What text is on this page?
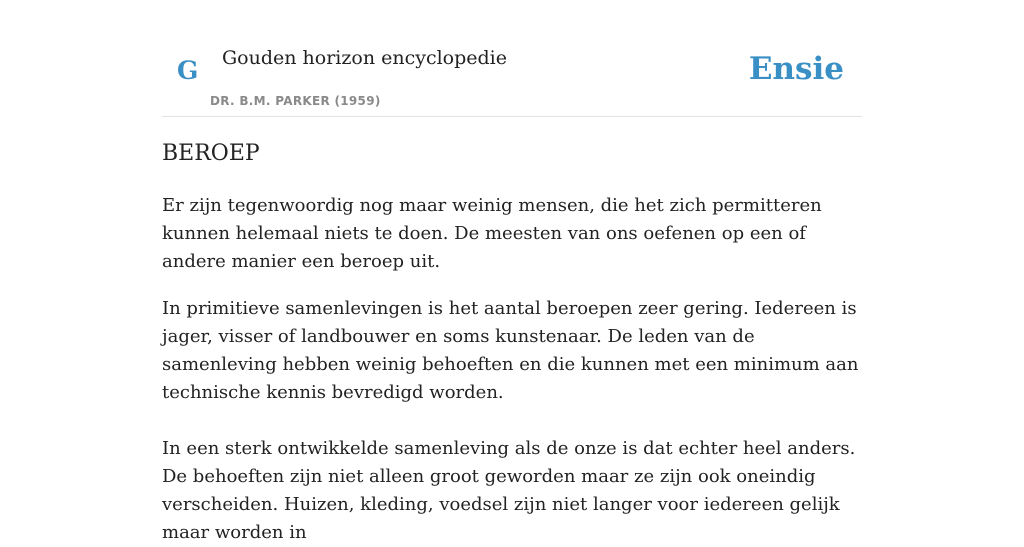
G Gouden horizon encyclopedie
DR. B.M. PARKER (1959)
Ensie
BEROEP

Er zijn tegenwoordig nog maar weinig mensen, die het zich permitteren kunnen helemaal niets te doen. De meesten van ons oefenen op een of andere manier een beroep uit.

In primitieve samenlevingen is het aantal beroepen zeer gering. Iedereen is jager, visser of landbouwer en soms kunstenaar. De leden van de samenleving hebben weinig behoeften en die kunnen met een minimum aan technische kennis bevredigd worden.

In een sterk ontwikkelde samenleving als de onze is dat echter heel anders. De behoeften zijn niet alleen groot geworden maar ze zijn ook oneindig verscheiden. Huizen, kleding, voedsel zijn niet langer voor iedereen gelijk maar worden in
